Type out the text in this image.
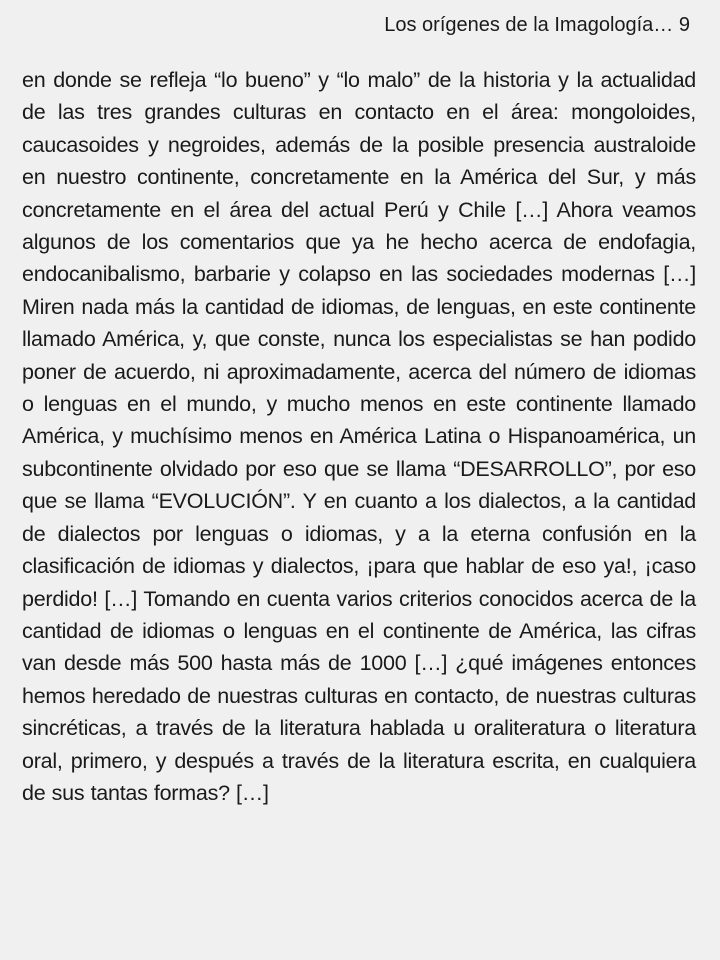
Los orígenes de la Imagología… 9

en donde se refleja “lo bueno” y “lo malo” de la historia y la actualidad de las tres grandes culturas en contacto en el área: mongoloides, caucasoides y negroides, además de la posible presencia australoide en nuestro continente, concretamente en la América del Sur, y más concretamente en el área del actual Perú y Chile […] Ahora veamos algunos de los comentarios que ya he hecho acerca de endofagia, endocanibalismo, barbarie y colapso en las sociedades modernas […] Miren nada más la cantidad de idiomas, de lenguas, en este continente llamado América, y, que conste, nunca los especialistas se han podido poner de acuerdo, ni aproximadamente, acerca del número de idiomas o lenguas en el mundo, y mucho menos en este continente llamado América, y muchísimo menos en América Latina o Hispanoamérica, un subcontinente olvidado por eso que se llama “DESARROLLO”, por eso que se llama “EVOLUCIÓN”. Y en cuanto a los dialectos, a la cantidad de dialectos por lenguas o idiomas, y a la eterna confusión en la clasificación de idiomas y dialectos, ¡para que hablar de eso ya!, ¡caso perdido! […] Tomando en cuenta varios criterios conocidos acerca de la cantidad de idiomas o lenguas en el continente de América, las cifras van desde más 500 hasta más de 1000 […] ¿qué imágenes entonces hemos heredado de nuestras culturas en contacto, de nuestras culturas sincréticas, a través de la literatura hablada u oraliteratura o literatura oral, primero, y después a través de la literatura escrita, en cualquiera de sus tantas formas? […]
